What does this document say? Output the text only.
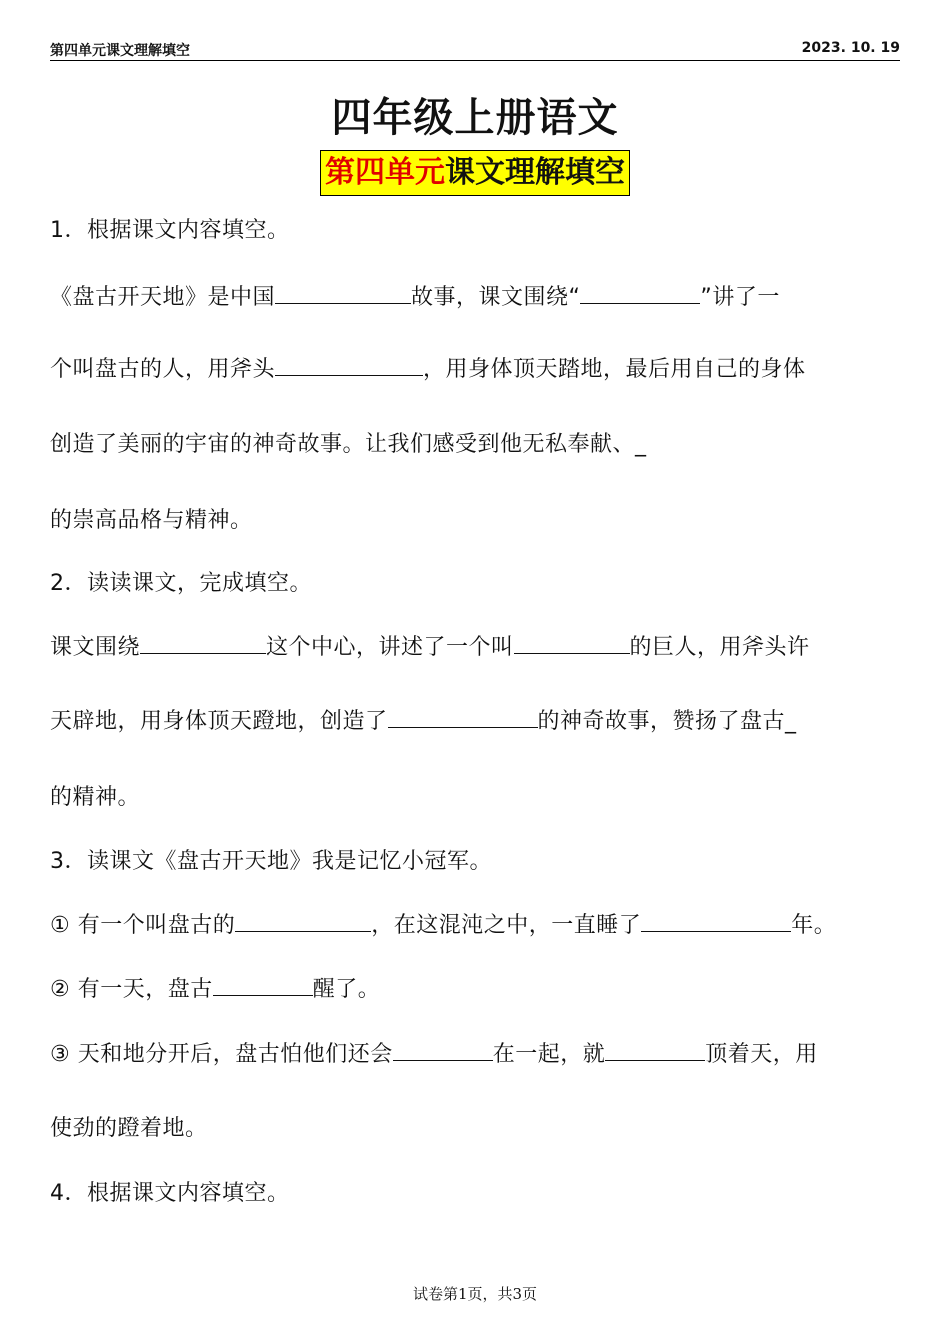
第四单元课文理解填空	2023. 10. 19
四年级上册语文
第四单元课文理解填空
1．根据课文内容填空。
《盘古开天地》是中国	故事，课文围绕“	”讲了一
个叫盘古的人，用斧头	，用身体顶天踏地，最后用自己的身体
创造了美丽的宇宙的神奇故事。让我们感受到他无私奉献、_
的崇高品格与精神。
2．读读课文，完成填空。
课文围绕	这个中心，讲述了一个叫	的巨人，用斧头许
天辟地，用身体顶天蹬地，创造了	的神奇故事，赞扬了盘古_
的精神。
3．读课文《盘古开天地》我是记忆小冠军。
① 有一个叫盘古的	，在这混沌之中，一直睡了	年。
② 有一天，盘古	醒了。
③ 天和地分开后，盘古怕他们还会	在一起，就	顶着天，用
使劲的蹬着地。
4．根据课文内容填空。
试卷第1页，共3页
